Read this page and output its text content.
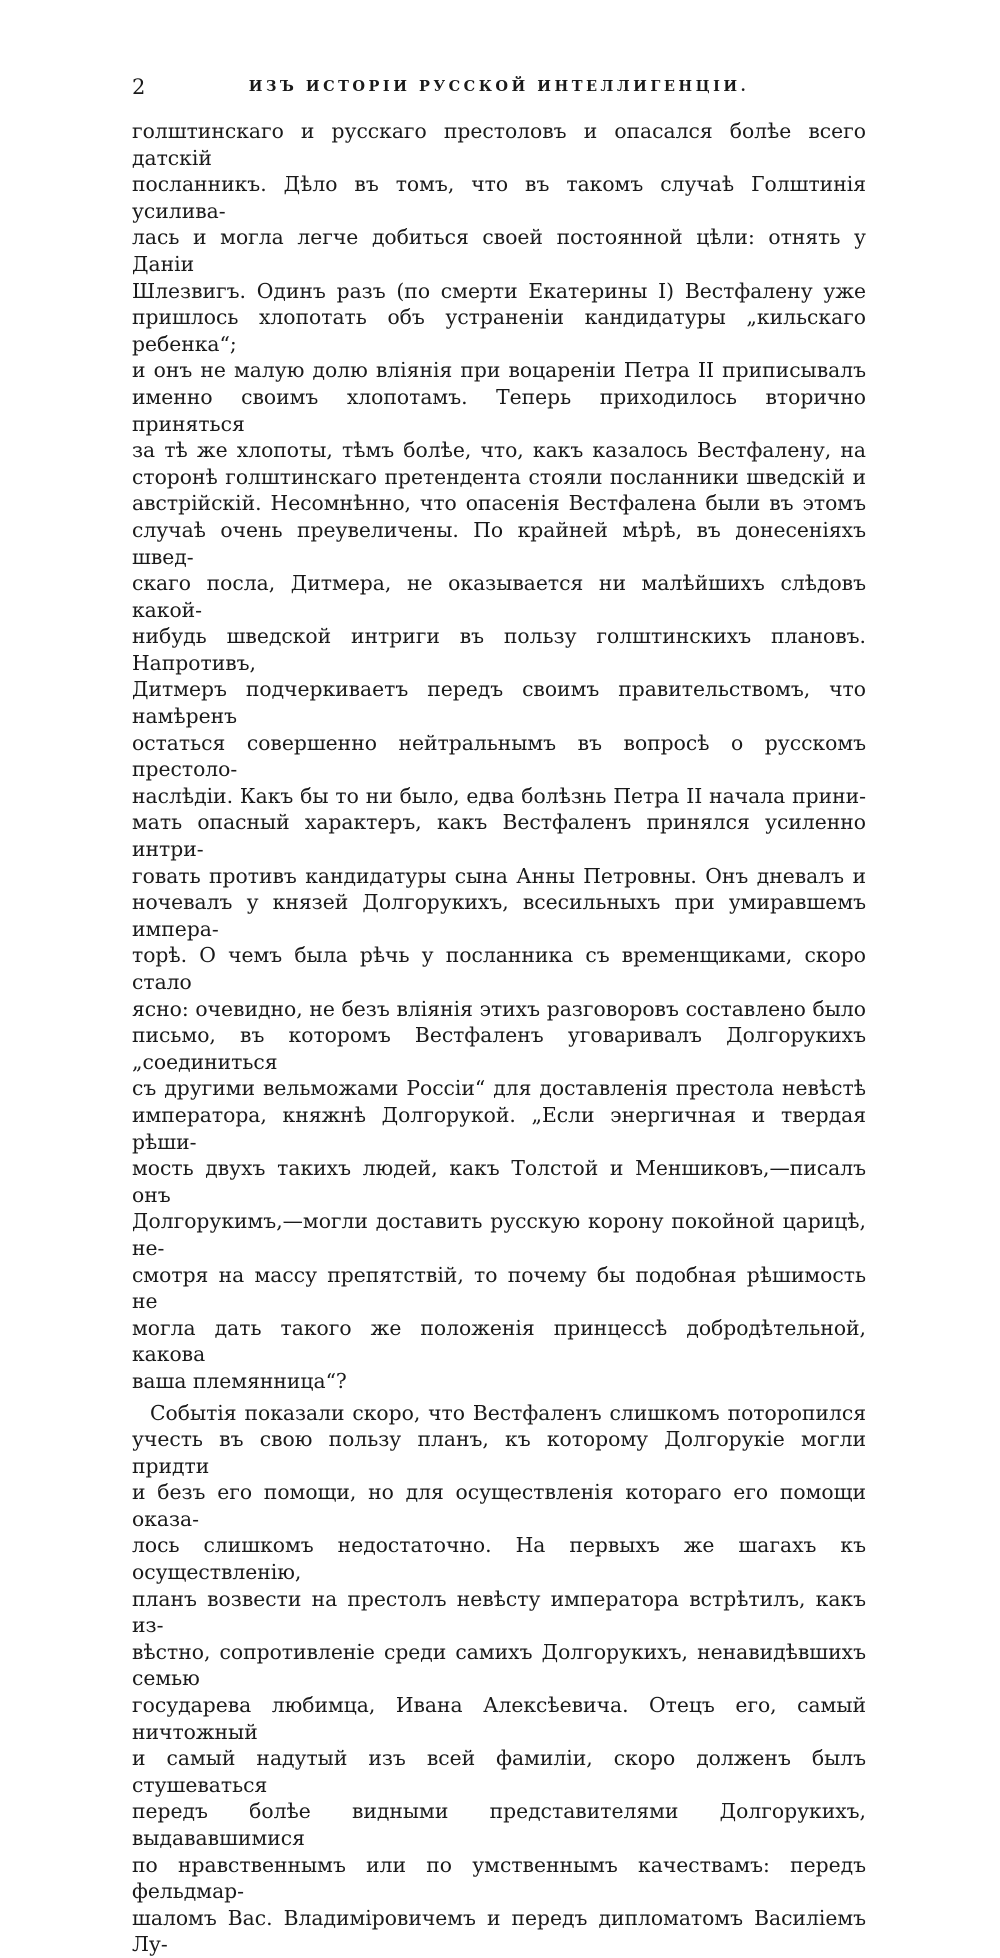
2	ИЗЪ ИСТОРІИ РУССКОЙ ИНТЕЛЛИГЕНЦІИ.

голштинскаго и русскаго престоловъ и опасался болѣе всего датскій

посланникъ. Дѣло въ томъ, что въ такомъ случаѣ Голштинія усилива-

лась и могла легче добиться своей постоянной цѣли: отнять у Даніи

Шлезвигъ. Одинъ разъ (по смерти Екатерины I) Вестфалену уже

пришлось хлопотать объ устраненіи кандидатуры „кильскаго ребенка“;

и онъ не малую долю вліянія при воцареніи Петра II приписывалъ

именно своимъ хлопотамъ. Теперь приходилось вторично приняться

за тѣ же хлопоты, тѣмъ болѣе, что, какъ казалось Вестфалену, на

сторонѣ голштинскаго претендента стояли посланники шведскій и

австрійскій. Несомнѣнно, что опасенія Вестфалена были въ этомъ

случаѣ очень преувеличены. По крайней мѣрѣ, въ донесеніяхъ швед-

скаго посла, Дитмера, не оказывается ни малѣйшихъ слѣдовъ какой-

нибудь шведской интриги въ пользу голштинскихъ плановъ. Напротивъ,

Дитмеръ подчеркиваетъ передъ своимъ правительствомъ, что намѣренъ

остаться совершенно нейтральнымъ въ вопросѣ о русскомъ престоло-

наслѣдіи. Какъ бы то ни было, едва болѣзнь Петра II начала прини-

мать опасный характеръ, какъ Вестфаленъ принялся усиленно интри-

говать противъ кандидатуры сына Анны Петровны. Онъ дневалъ и

ночевалъ у князей Долгорукихъ, всесильныхъ при умиравшемъ импера-

торѣ. О чемъ была рѣчь у посланника съ временщиками, скоро стало

ясно: очевидно, не безъ вліянія этихъ разговоровъ составлено было

письмо, въ которомъ Вестфаленъ уговаривалъ Долгорукихъ „соединиться

съ другими вельможами Россіи“ для доставленія престола невѣстѣ

императора, княжнѣ Долгорукой. „Если энергичная и твердая рѣши-

мость двухъ такихъ людей, какъ Толстой и Меншиковъ,—писалъ онъ

Долгорукимъ,—могли доставить русскую корону покойной царицѣ, не-

смотря на массу препятствій, то почему бы подобная рѣшимость не

могла дать такого же положенія принцессѣ добродѣтельной, какова

ваша племянница“?

Событія показали скоро, что Вестфаленъ слишкомъ поторопился

учесть въ свою пользу планъ, къ которому Долгорукіе могли придти

и безъ его помощи, но для осуществленія котораго его помощи оказа-

лось слишкомъ недостаточно. На первыхъ же шагахъ къ осуществленію,

планъ возвести на престолъ невѣсту императора встрѣтилъ, какъ из-

вѣстно, сопротивленіе среди самихъ Долгорукихъ, ненавидѣвшихъ семью

государева любимца, Ивана Алексѣевича. Отецъ его, самый ничтожный

и самый надутый изъ всей фамиліи, скоро долженъ былъ стушеваться

передъ болѣе видными представителями Долгорукихъ, выдававшимися

по нравственнымъ или по умственнымъ качествамъ: передъ фельдмар-

шаломъ Вас. Владиміровичемъ и передъ дипломатомъ Василіемъ Лу-
